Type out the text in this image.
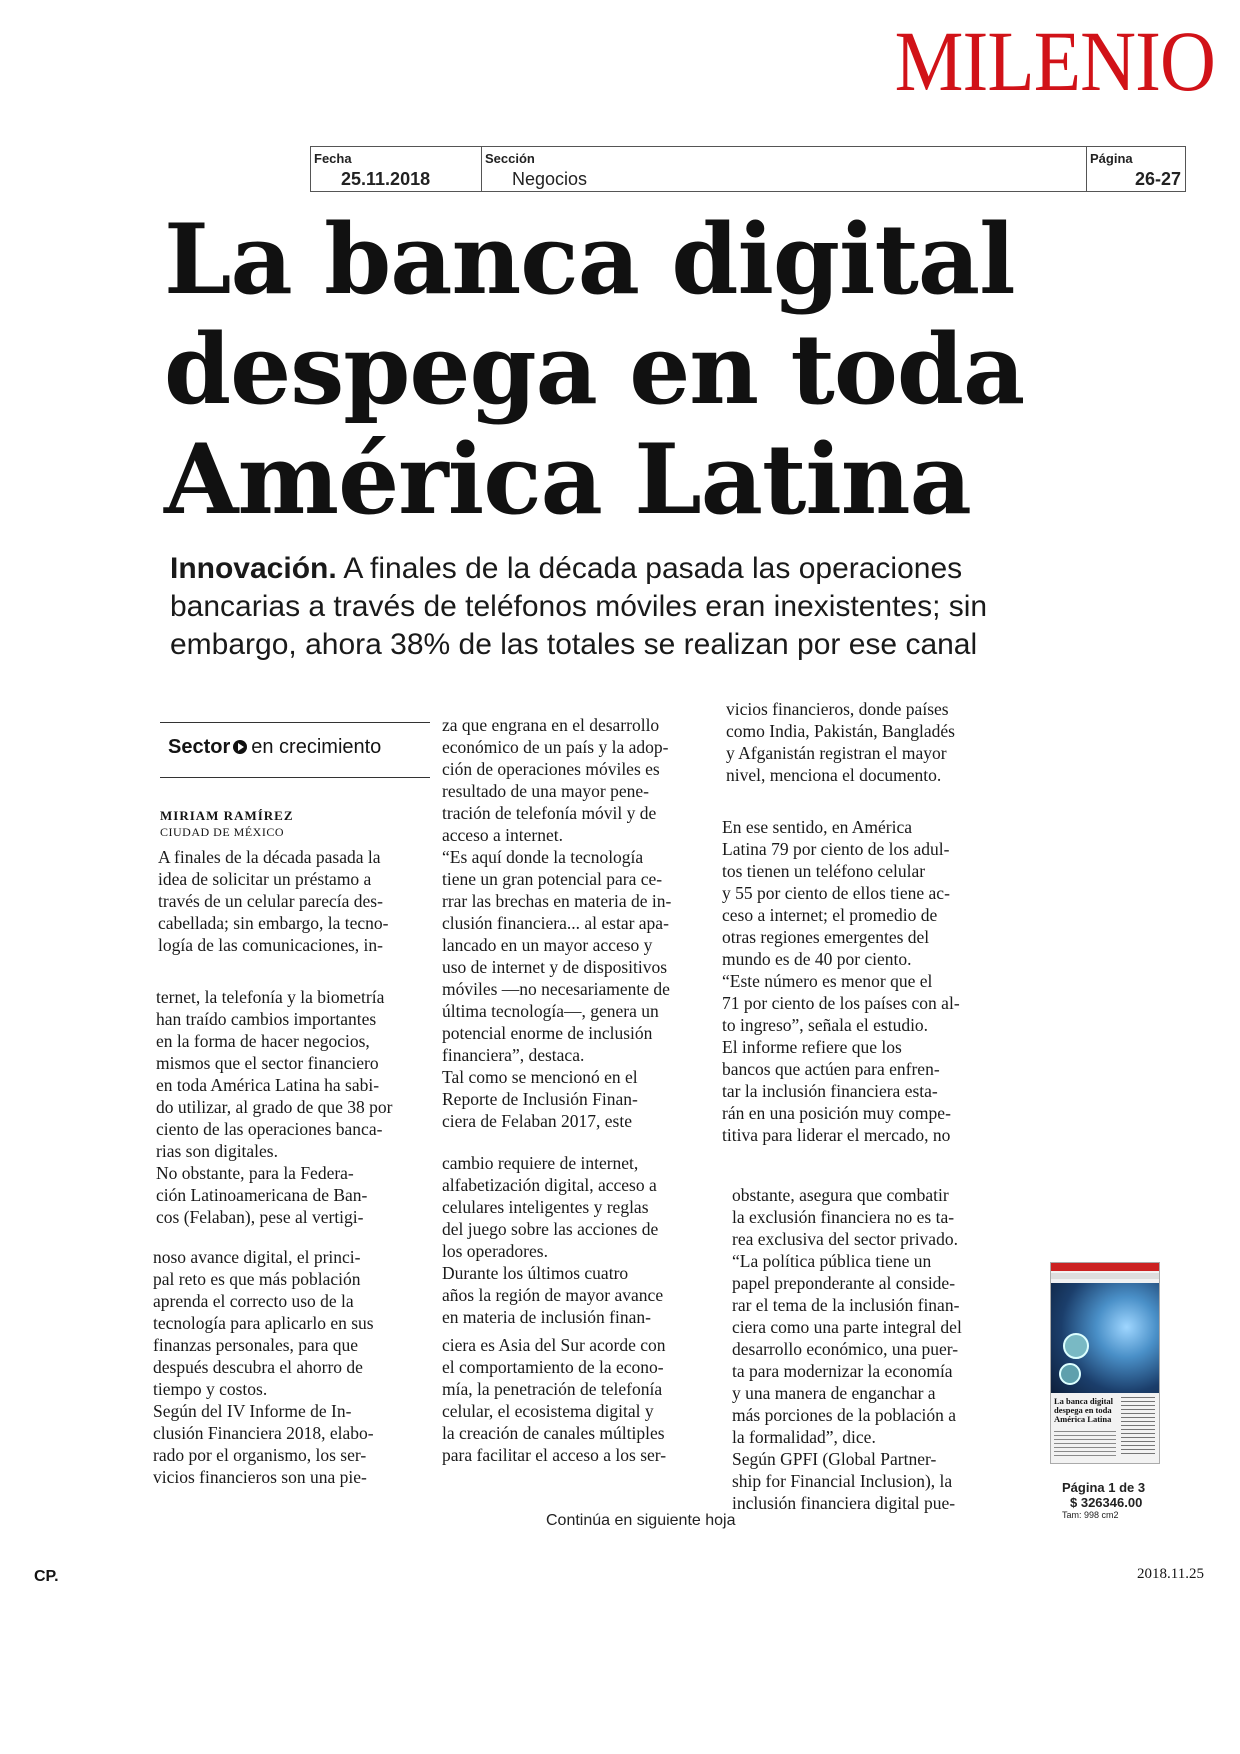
MILENIO
Fecha
25.11.2018
Sección
Negocios
Página
26-27
La banca digital
despega en toda
América Latina
Innovación. A finales de la década pasada las operaciones bancarias a través de teléfonos móviles eran inexistentes; sin embargo, ahora 38% de las totales se realizan por ese canal
Sector en crecimiento
MIRIAM RAMÍREZ
CIUDAD DE MÉXICO

A finales de la década pasada la

idea de solicitar un préstamo a

través de un celular parecía des-

cabellada; sin embargo, la tecno-

logía de las comunicaciones, in-

ternet, la telefonía y la biometría

han traído cambios importantes

en la forma de hacer negocios,

mismos que el sector financiero

en toda América Latina ha sabi-

do utilizar, al grado de que 38 por

ciento de las operaciones banca-

rias son digitales.

No obstante, para la Federa-

ción Latinoamericana de Ban-

cos (Felaban), pese al vertigi-

noso avance digital, el princi-

pal reto es que más población

aprenda el correcto uso de la

tecnología para aplicarlo en sus

finanzas personales, para que

después descubra el ahorro de

tiempo y costos.

Según del IV Informe de In-

clusión Financiera 2018, elabo-

rado por el organismo, los ser-

vicios financieros son una pie-

za que engrana en el desarrollo

económico de un país y la adop-

ción de operaciones móviles es

resultado de una mayor pene-

tración de telefonía móvil y de

acceso a internet.

“Es aquí donde la tecnología

tiene un gran potencial para ce-

rrar las brechas en materia de in-

clusión financiera... al estar apa-

lancado en un mayor acceso y

uso de internet y de dispositivos

móviles —no necesariamente de

última tecnología—, genera un

potencial enorme de inclusión

financiera”, destaca.

Tal como se mencionó en el

Reporte de Inclusión Finan-

ciera de Felaban 2017, este

cambio requiere de internet,

alfabetización digital, acceso a

celulares inteligentes y reglas

del juego sobre las acciones de

los operadores.

Durante los últimos cuatro

años la región de mayor avance

en materia de inclusión finan-

ciera es Asia del Sur acorde con

el comportamiento de la econo-

mía, la penetración de telefonía

celular, el ecosistema digital y

la creación de canales múltiples

para facilitar el acceso a los ser-

vicios financieros, donde países

como India, Pakistán, Bangladés

y Afganistán registran el mayor

nivel, menciona el documento.

En ese sentido, en América

Latina 79 por ciento de los adul-

tos tienen un teléfono celular

y 55 por ciento de ellos tiene ac-

ceso a internet; el promedio de

otras regiones emergentes del

mundo es de 40 por ciento.

“Este número es menor que el

71 por ciento de los países con al-

to ingreso”, señala el estudio.

El informe refiere que los

bancos que actúen para enfren-

tar la inclusión financiera esta-

rán en una posición muy compe-

titiva para liderar el mercado, no

obstante, asegura que combatir

la exclusión financiera no es ta-

rea exclusiva del sector privado.

“La política pública tiene un

papel preponderante al conside-

rar el tema de la inclusión finan-

ciera como una parte integral del

desarrollo económico, una puer-

ta para modernizar la economía

y una manera de enganchar a

más porciones de la población a

la formalidad”, dice.

Según GPFI (Global Partner-

ship for Financial Inclusion), la

inclusión financiera digital pue-

La banca digital despega en toda América Latina
Página 1 de 3
$ 326346.00
Tam: 998 cm2
Continúa en siguiente hoja
CP.	2018.11.25
